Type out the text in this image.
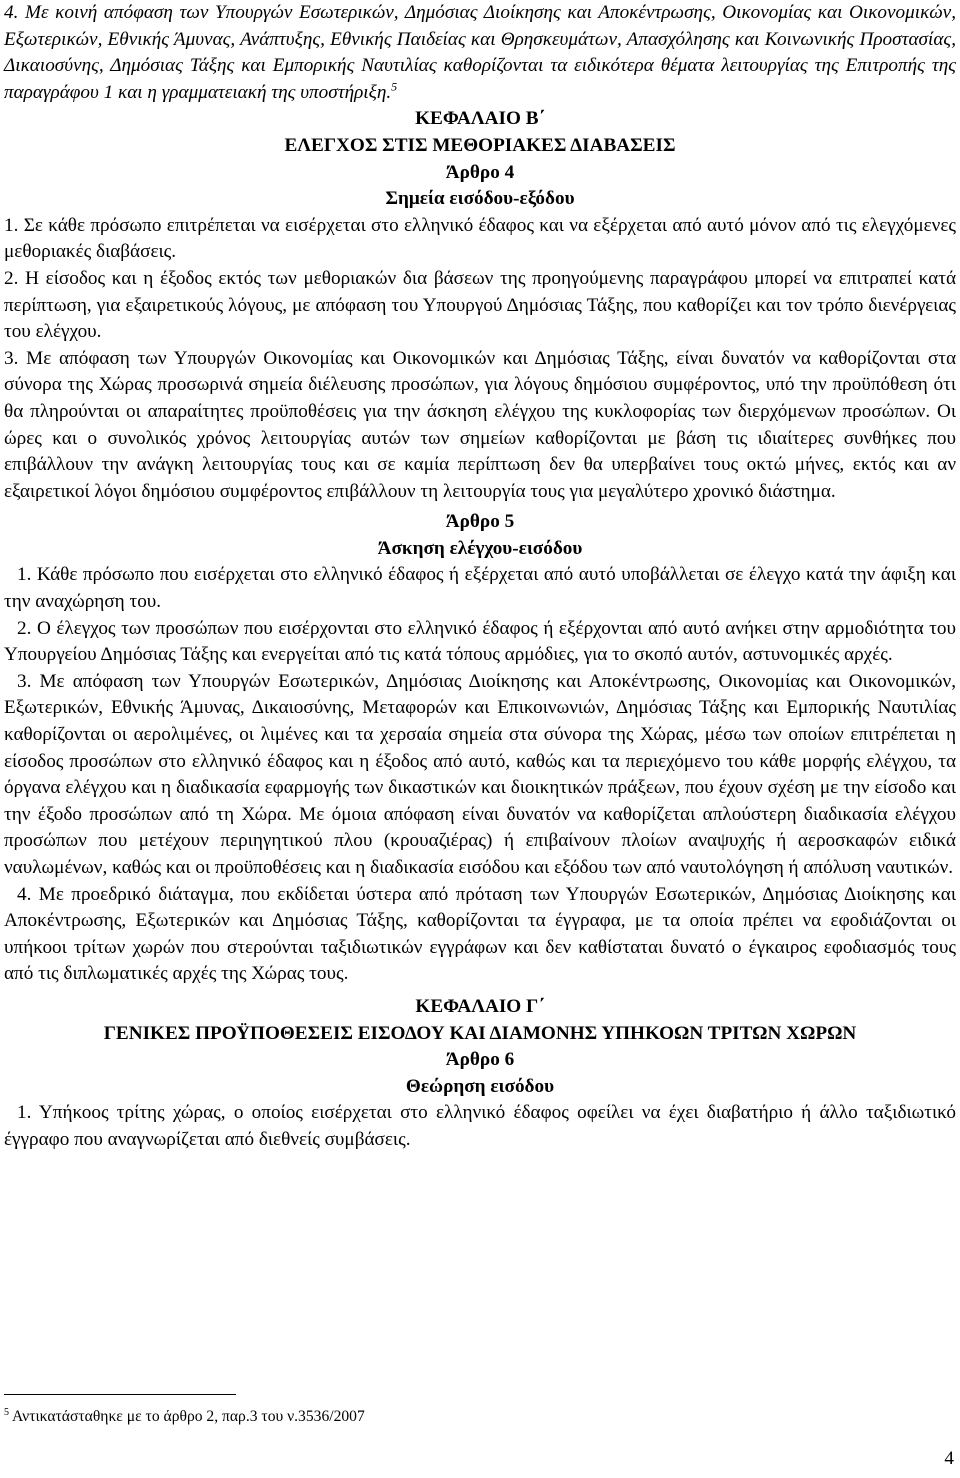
4. Με κοινή απόφαση των Υπουργών Εσωτερικών, Δημόσιας Διοίκησης και Αποκέντρωσης, Οικονομίας και Οικονομικών, Εξωτερικών, Εθνικής Άμυνας, Ανάπτυξης, Εθνικής Παιδείας και Θρησκευμάτων, Απασχόλησης και Κοινωνικής Προστασίας, Δικαιοσύνης, Δημόσιας Τάξης και Εμπορικής Ναυτιλίας καθορίζονται τα ειδικότερα θέματα λειτουργίας της Επιτροπής της παραγράφου 1 και η γραμματειακή της υποστήριξη.$^5$

ΚΕΦΑΛΑΙΟ Β΄
ΕΛΕΓΧΟΣ ΣΤΙΣ ΜΕΘΟΡΙΑΚΕΣ ΔΙΑΒΑΣΕΙΣ
Άρθρο 4
Σημεία εισόδου-εξόδου

1. Σε κάθε πρόσωπο επιτρέπεται να εισέρχεται στο ελληνικό έδαφος και να εξέρχεται από αυτό μόνον από τις ελεγχόμενες μεθοριακές διαβάσεις.

2. Η είσοδος και η έξοδος εκτός των μεθοριακών δια βάσεων της προηγούμενης παραγράφου μπορεί να επιτραπεί κατά περίπτωση, για εξαιρετικούς λόγους, με απόφαση του Υπουργού Δημόσιας Τάξης, που καθορίζει και τον τρόπο διενέργειας του ελέγχου.

3. Με απόφαση των Υπουργών Οικονομίας και Οικονομικών και Δημόσιας Τάξης, είναι δυνατόν να καθορίζονται στα σύνορα της Χώρας προσωρινά σημεία διέλευσης προσώπων, για λόγους δημόσιου συμφέροντος, υπό την προϋπόθεση ότι θα πληρούνται οι απαραίτητες προϋποθέσεις για την άσκηση ελέγχου της κυκλοφορίας των διερχόμενων προσώπων. Οι ώρες και ο συνολικός χρόνος λειτουργίας αυτών των σημείων καθορίζονται με βάση τις ιδιαίτερες συνθήκες που επιβάλλουν την ανάγκη λειτουργίας τους και σε καμία περίπτωση δεν θα υπερβαίνει τους οκτώ μήνες, εκτός και αν εξαιρετικοί λόγοι δημόσιου συμφέροντος επιβάλλουν τη λειτουργία τους για μεγαλύτερο χρονικό διάστημα.

Άρθρο 5
Άσκηση ελέγχου-εισόδου

1. Κάθε πρόσωπο που εισέρχεται στο ελληνικό έδαφος ή εξέρχεται από αυτό υποβάλλεται σε έλεγχο κατά την άφιξη και την αναχώρηση του.

2. Ο έλεγχος των προσώπων που εισέρχονται στο ελληνικό έδαφος ή εξέρχονται από αυτό ανήκει στην αρμοδιότητα του Υπουργείου Δημόσιας Τάξης και ενεργείται από τις κατά τόπους αρμόδιες, για το σκοπό αυτόν, αστυνομικές αρχές.

3. Με απόφαση των Υπουργών Εσωτερικών, Δημόσιας Διοίκησης και Αποκέντρωσης, Οικονομίας και Οικονομικών, Εξωτερικών, Εθνικής Άμυνας, Δικαιοσύνης, Μεταφορών και Επικοινωνιών, Δημόσιας Τάξης και Εμπορικής Ναυτιλίας καθορίζονται οι αερολιμένες, οι λιμένες και τα χερσαία σημεία στα σύνορα της Χώρας, μέσω των οποίων επιτρέπεται η είσοδος προσώπων στο ελληνικό έδαφος και η έξοδος από αυτό, καθώς και τα περιεχόμενο του κάθε μορφής ελέγχου, τα όργανα ελέγχου και η διαδικασία εφαρμογής των δικαστικών και διοικητικών πράξεων, που έχουν σχέση με την είσοδο και την έξοδο προσώπων από τη Χώρα. Με όμοια απόφαση είναι δυνατόν να καθορίζεται απλούστερη διαδικασία ελέγχου προσώπων που μετέχουν περιηγητικού πλου (κρουαζιέρας) ή επιβαίνουν πλοίων αναψυχής ή αεροσκαφών ειδικά ναυλωμένων, καθώς και οι προϋποθέσεις και η διαδικασία εισόδου και εξόδου των από ναυτολόγηση ή απόλυση ναυτικών.

4. Με προεδρικό διάταγμα, που εκδίδεται ύστερα από πρόταση των Υπουργών Εσωτερικών, Δημόσιας Διοίκησης και Αποκέντρωσης, Εξωτερικών και Δημόσιας Τάξης, καθορίζονται τα έγγραφα, με τα οποία πρέπει να εφοδιάζονται οι υπήκοοι τρίτων χωρών που στερούνται ταξιδιωτικών εγγράφων και δεν καθίσταται δυνατό ο έγκαιρος εφοδιασμός τους από τις διπλωματικές αρχές της Χώρας τους.

ΚΕΦΑΛΑΙΟ Γ΄
ΓΕΝΙΚΕΣ ΠΡΟΫΠΟΘΕΣΕΙΣ ΕΙΣΟΔΟΥ ΚΑΙ ΔΙΑΜΟΝΗΣ ΥΠΗΚΟΩΝ ΤΡΙΤΩΝ ΧΩΡΩΝ
Άρθρο 6
Θεώρηση εισόδου

1. Υπήκοος τρίτης χώρας, ο οποίος εισέρχεται στο ελληνικό έδαφος οφείλει να έχει διαβατήριο ή άλλο ταξιδιωτικό έγγραφο που αναγνωρίζεται από διεθνείς συμβάσεις.

$^5$ Αντικατάσταθηκε με το άρθρο 2, παρ.3 του ν.3536/2007
4
